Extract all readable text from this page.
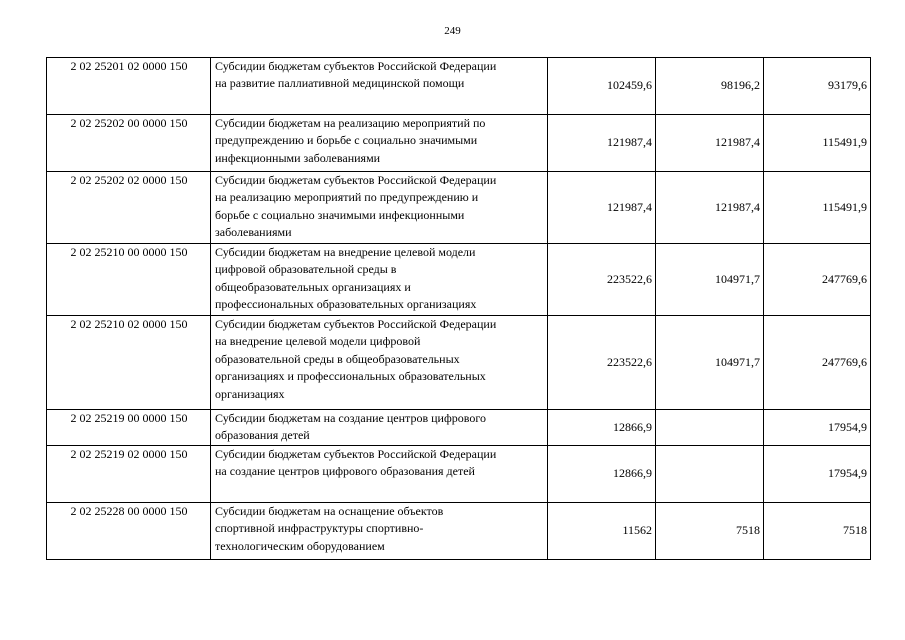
249
2 02 25201 02 0000 150	Субсидии бюджетам субъектов Российской Федерации
на развитие паллиативной медицинской помощи	102459,6	98196,2	93179,6
2 02 25202 00 0000 150	Субсидии бюджетам на реализацию мероприятий по
предупреждению и борьбе с социально значимыми
инфекционными заболеваниями	121987,4	121987,4	115491,9
2 02 25202 02 0000 150	Субсидии бюджетам субъектов Российской Федерации
на реализацию мероприятий по предупреждению и
борьбе с социально значимыми инфекционными
заболеваниями	121987,4	121987,4	115491,9
2 02 25210 00 0000 150	Субсидии бюджетам на внедрение целевой модели
цифровой образовательной среды в
общеобразовательных организациях и
профессиональных образовательных организациях	223522,6	104971,7	247769,6
2 02 25210 02 0000 150	Субсидии бюджетам субъектов Российской Федерации
на внедрение целевой модели цифровой
образовательной среды в общеобразовательных
организациях и профессиональных образовательных
организациях	223522,6	104971,7	247769,6
2 02 25219 00 0000 150	Субсидии бюджетам на создание центров цифрового
образования детей	12866,9		17954,9
2 02 25219 02 0000 150	Субсидии бюджетам субъектов Российской Федерации
на создание центров цифрового образования детей	12866,9		17954,9
2 02 25228 00 0000 150	Субсидии бюджетам на оснащение объектов
спортивной инфраструктуры спортивно-
технологическим оборудованием	11562	7518	7518
